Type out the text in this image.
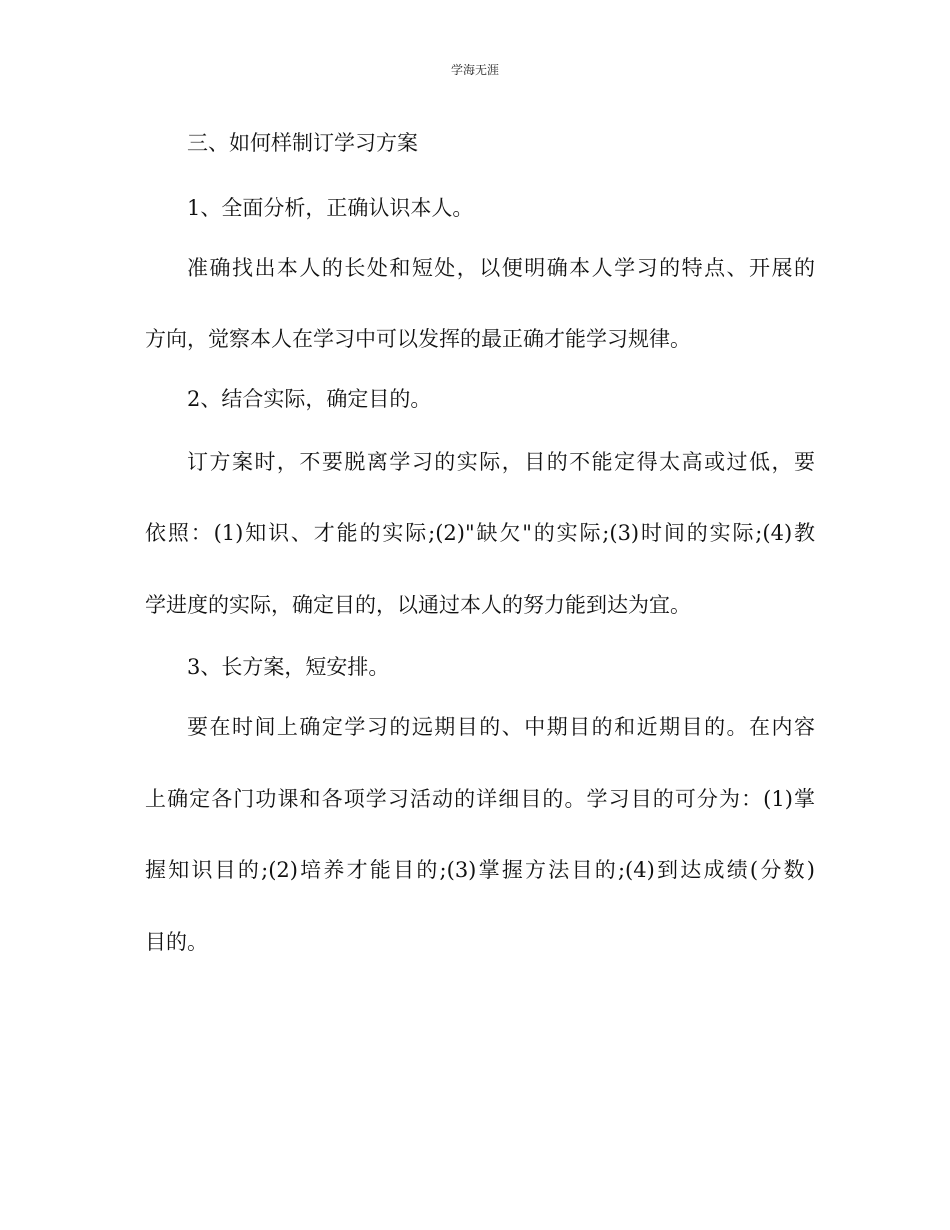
学海无涯
三、如何样制订学习方案
1、全面分析，正确认识本人。
准确找出本人的长处和短处，以便明确本人学习的特点、开展的
方向，觉察本人在学习中可以发挥的最正确才能学习规律。
2、结合实际，确定目的。
订方案时，不要脱离学习的实际，目的不能定得太高或过低，要
依照：(1)知识、才能的实际;(2)"缺欠"的实际;(3)时间的实际;(4)教
学进度的实际，确定目的，以通过本人的努力能到达为宜。
3、长方案，短安排。
要在时间上确定学习的远期目的、中期目的和近期目的。在内容
上确定各门功课和各项学习活动的详细目的。学习目的可分为：(1)掌
握知识目的;(2)培养才能目的;(3)掌握方法目的;(4)到达成绩(分数)
目的。
